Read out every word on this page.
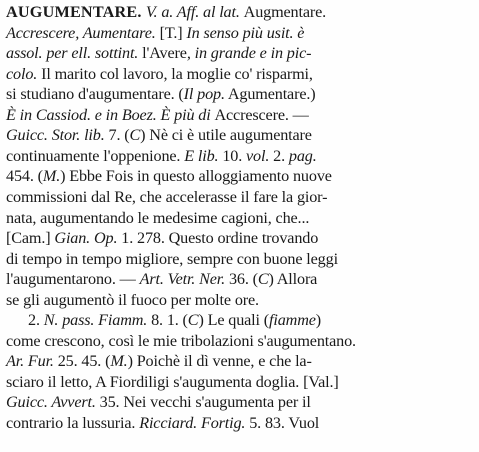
AUGUMENTARE. V. a. Aff. al lat. Augmentare.
Accrescere, Aumentare. [T.] In senso più usit. è
assol. per ell. sottint. l'Avere, in grande e in pic-
colo. Il marito col lavoro, la moglie co' risparmi,
si studiano d'augumentare. (Il pop. Agumentare.)
È in Cassiod. e in Boez. È più di Accrescere. —
Guicc. Stor. lib. 7. (C) Nè ci è utile augumentare
continuamente l'oppenione. E lib. 10. vol. 2. pag.
454. (M.) Ebbe Fois in questo alloggiamento nuove
commissioni dal Re, che accelerasse il fare la gior-
nata, augumentando le medesime cagioni, che...
[Cam.] Gian. Op. 1. 278. Questo ordine trovando
di tempo in tempo migliore, sempre con buone leggi
l'augumentarono. — Art. Vetr. Ner. 36. (C) Allora
se gli augumentò il fuoco per molte ore.
2. N. pass. Fiamm. 8. 1. (C) Le quali (fiamme)
come crescono, così le mie tribolazioni s'augumentano.
Ar. Fur. 25. 45. (M.) Poichè il dì venne, e che la-
sciaro il letto, A Fiordiligi s'augumenta doglia. [Val.]
Guicc. Avvert. 35. Nei vecchi s'augumenta per il
contrario la lussuria. Ricciard. Fortig. 5. 83. Vuol
